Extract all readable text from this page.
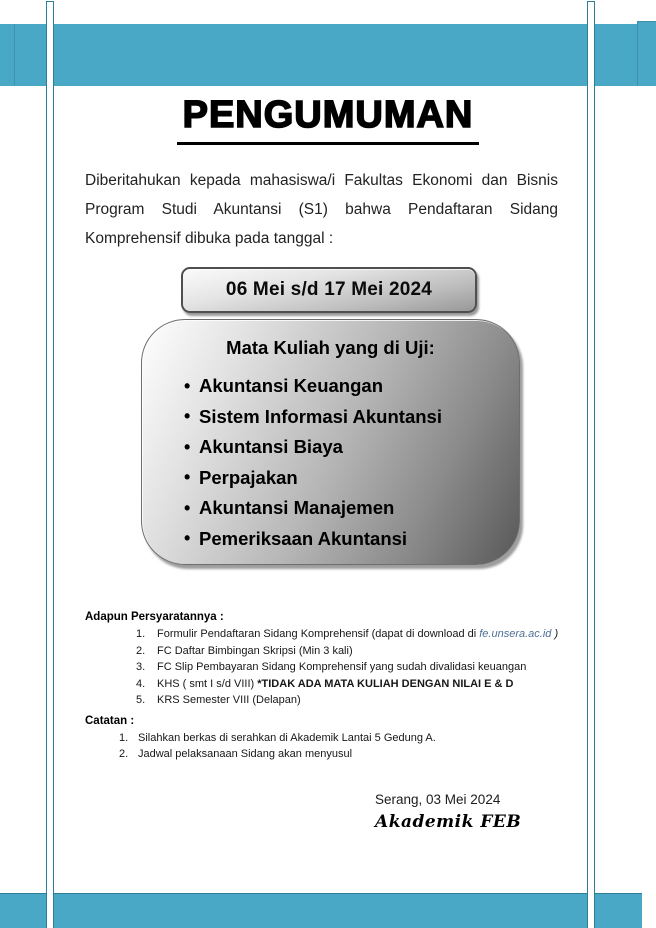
PENGUMUMAN
Diberitahukan kepada mahasiswa/i Fakultas Ekonomi dan Bisnis
Program Studi Akuntansi (S1) bahwa Pendaftaran Sidang
Komprehensif dibuka pada tanggal :
06 Mei s/d 17 Mei 2024
Mata Kuliah yang di Uji:
• Akuntansi Keuangan
• Sistem Informasi Akuntansi
• Akuntansi Biaya
• Perpajakan
• Akuntansi Manajemen
• Pemeriksaan Akuntansi
Adapun Persyaratannya :
1.	Formulir Pendaftaran Sidang Komprehensif (dapat di download di fe.unsera.ac.id )
2.	FC Daftar Bimbingan Skripsi (Min 3 kali)
3.	FC Slip Pembayaran Sidang Komprehensif yang sudah divalidasi keuangan
4.	KHS ( smt I s/d VIII) *TIDAK ADA MATA KULIAH DENGAN NILAI E & D
5.	KRS Semester VIII (Delapan)
Catatan :
1. Silahkan berkas di serahkan di Akademik Lantai 5 Gedung A.
2. Jadwal pelaksanaan Sidang akan menyusul
Serang, 03 Mei 2024
Akademik FEB
